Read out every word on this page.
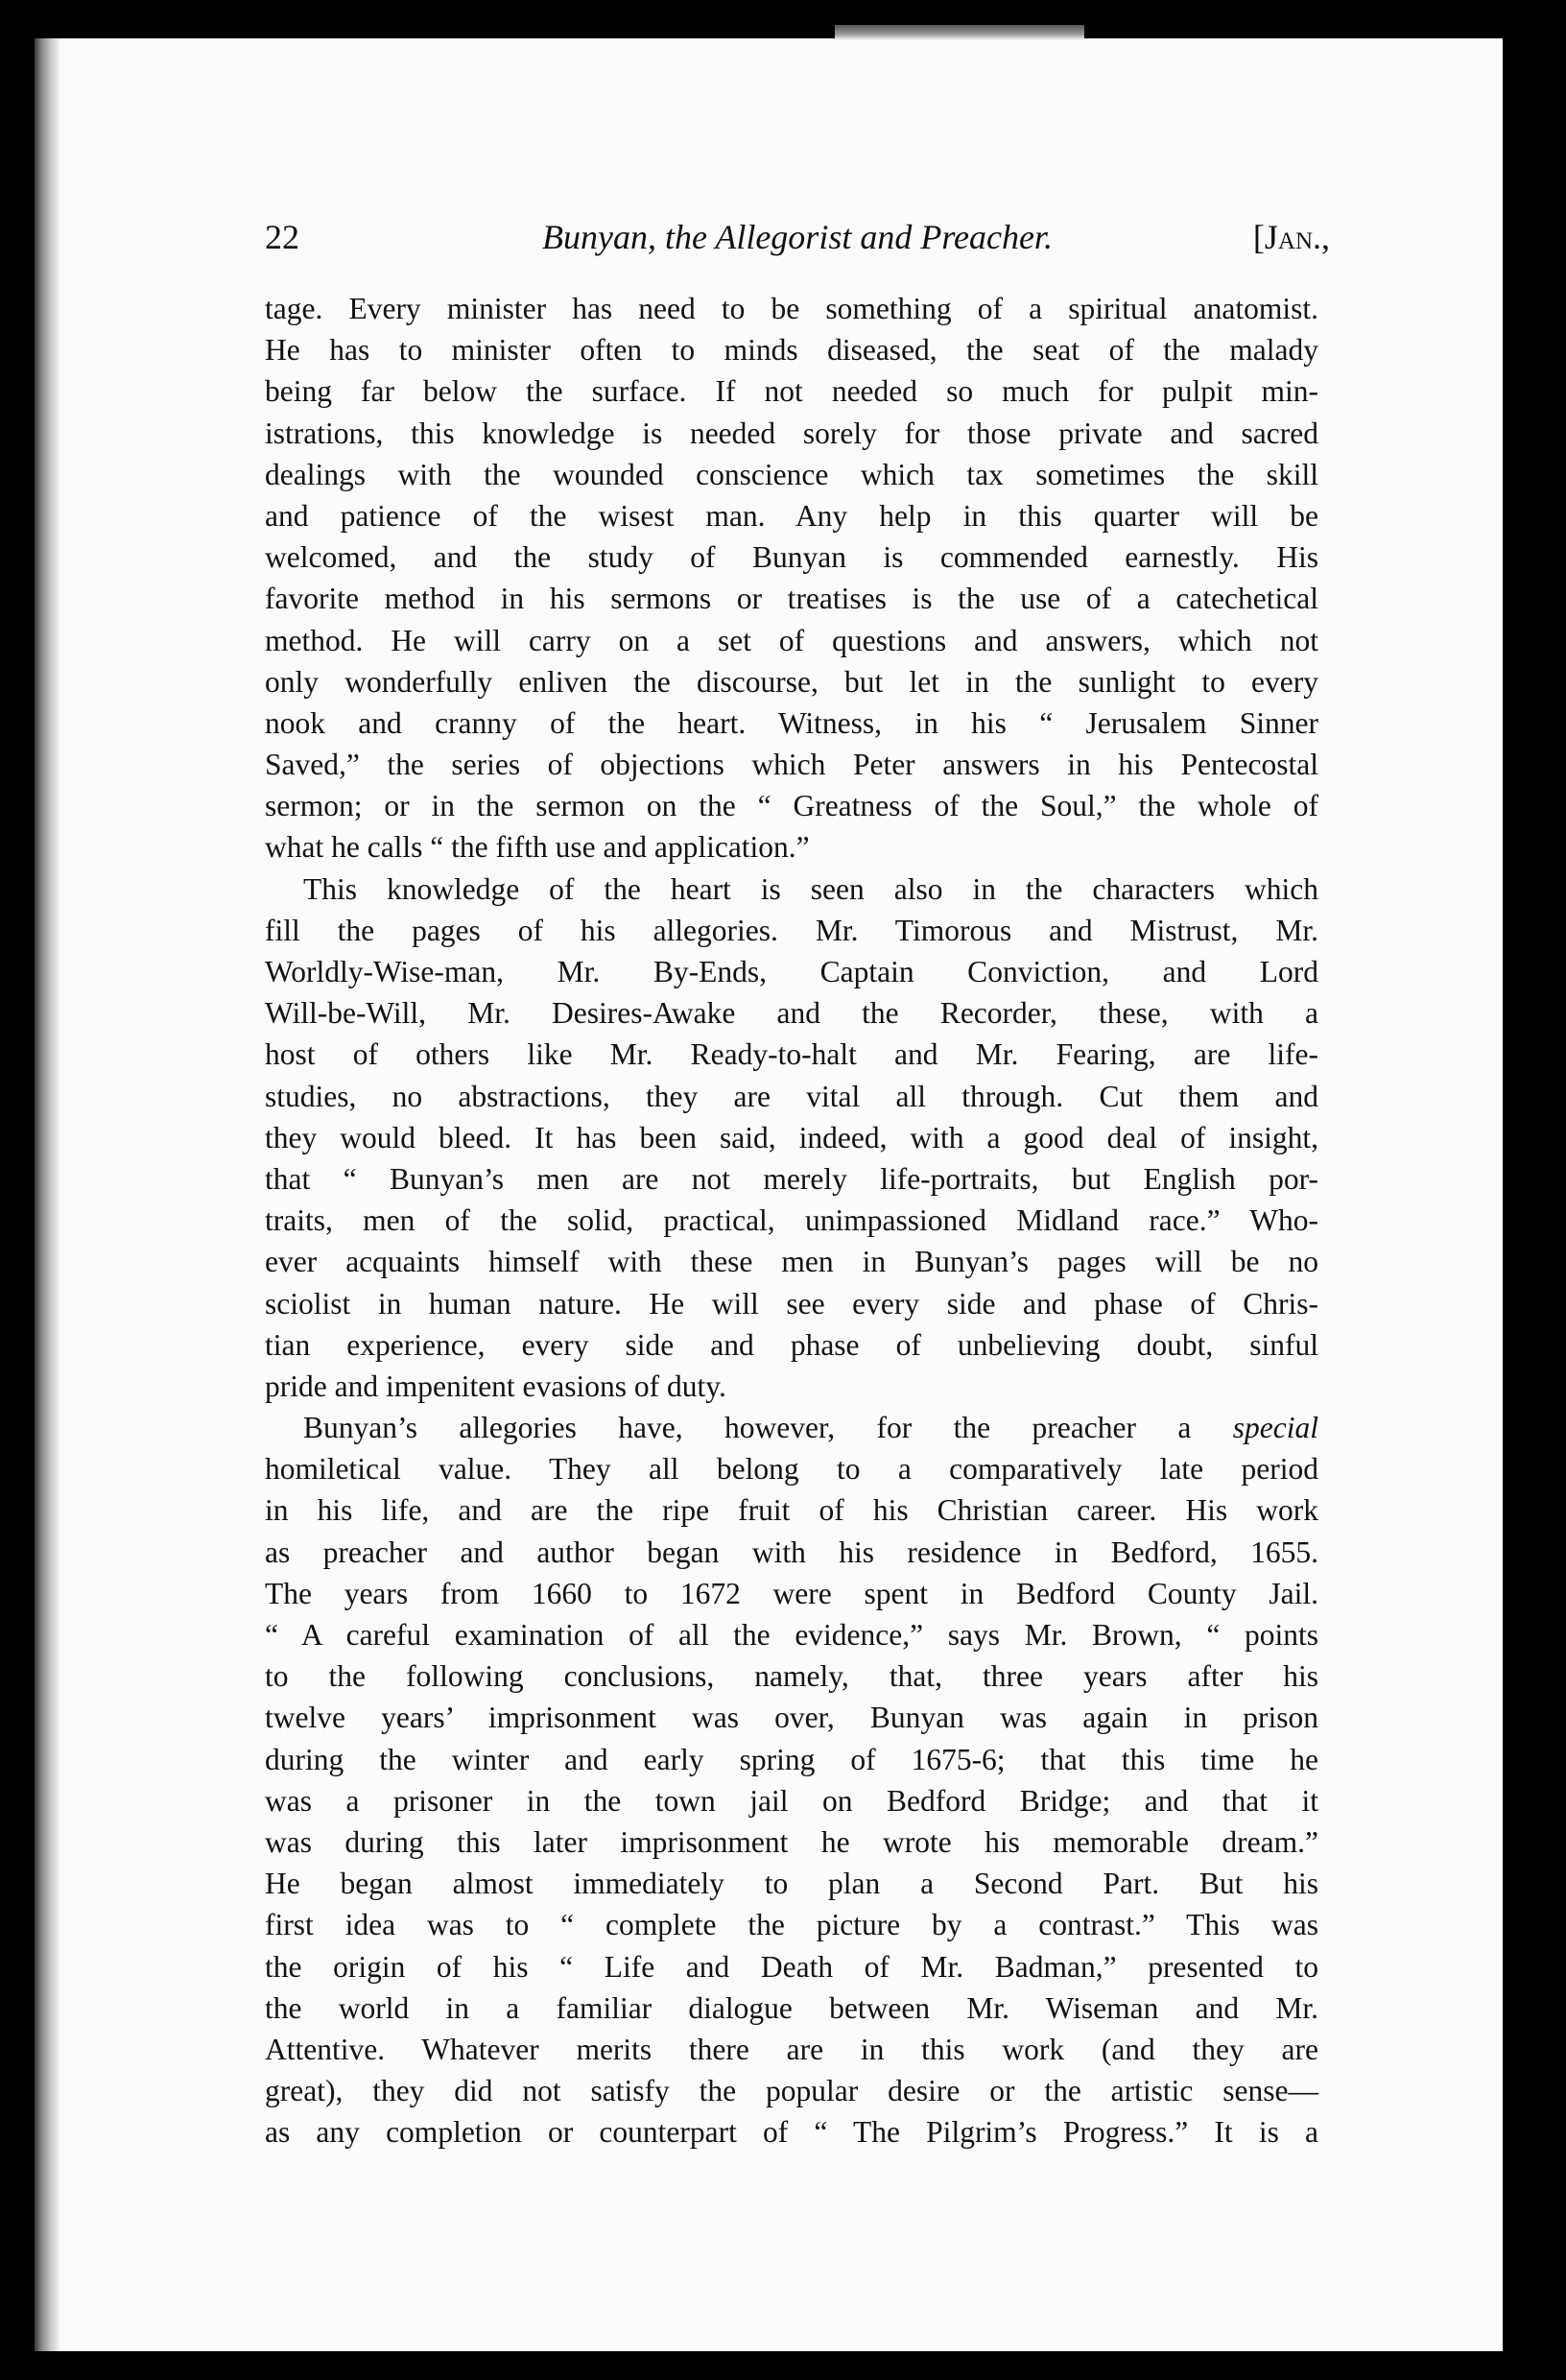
22	Bunyan, the Allegorist and Preacher.	[Jan.,
tage. Every minister has need to be something of a spiritual anatomist.
He has to minister often to minds diseased, the seat of the malady
being far below the surface. If not needed so much for pulpit min-
istrations, this knowledge is needed sorely for those private and sacred
dealings with the wounded conscience which tax sometimes the skill
and patience of the wisest man. Any help in this quarter will be
welcomed, and the study of Bunyan is commended earnestly. His
favorite method in his sermons or treatises is the use of a catechetical
method. He will carry on a set of questions and answers, which not
only wonderfully enliven the discourse, but let in the sunlight to every
nook and cranny of the heart. Witness, in his “ Jerusalem Sinner
Saved,” the series of objections which Peter answers in his Pentecostal
sermon; or in the sermon on the “ Greatness of the Soul,” the whole of
what he calls “ the fifth use and application.”
This knowledge of the heart is seen also in the characters which
fill the pages of his allegories. Mr. Timorous and Mistrust, Mr.
Worldly-Wise-man, Mr. By-Ends, Captain Conviction, and Lord
Will-be-Will, Mr. Desires-Awake and the Recorder, these, with a
host of others like Mr. Ready-to-halt and Mr. Fearing, are life-
studies, no abstractions, they are vital all through. Cut them and
they would bleed. It has been said, indeed, with a good deal of insight,
that “ Bunyan’s men are not merely life-portraits, but English por-
traits, men of the solid, practical, unimpassioned Midland race.” Who-
ever acquaints himself with these men in Bunyan’s pages will be no
sciolist in human nature. He will see every side and phase of Chris-
tian experience, every side and phase of unbelieving doubt, sinful
pride and impenitent evasions of duty.
Bunyan’s allegories have, however, for the preacher a special
homiletical value. They all belong to a comparatively late period
in his life, and are the ripe fruit of his Christian career. His work
as preacher and author began with his residence in Bedford, 1655.
The years from 1660 to 1672 were spent in Bedford County Jail.
“ A careful examination of all the evidence,” says Mr. Brown, “ points
to the following conclusions, namely, that, three years after his
twelve years’ imprisonment was over, Bunyan was again in prison
during the winter and early spring of 1675-6; that this time he
was a prisoner in the town jail on Bedford Bridge; and that it
was during this later imprisonment he wrote his memorable dream.”
He began almost immediately to plan a Second Part. But his
first idea was to “ complete the picture by a contrast.” This was
the origin of his “ Life and Death of Mr. Badman,” presented to
the world in a familiar dialogue between Mr. Wiseman and Mr.
Attentive. Whatever merits there are in this work (and they are
great), they did not satisfy the popular desire or the artistic sense—
as any completion or counterpart of “ The Pilgrim’s Progress.” It is a
